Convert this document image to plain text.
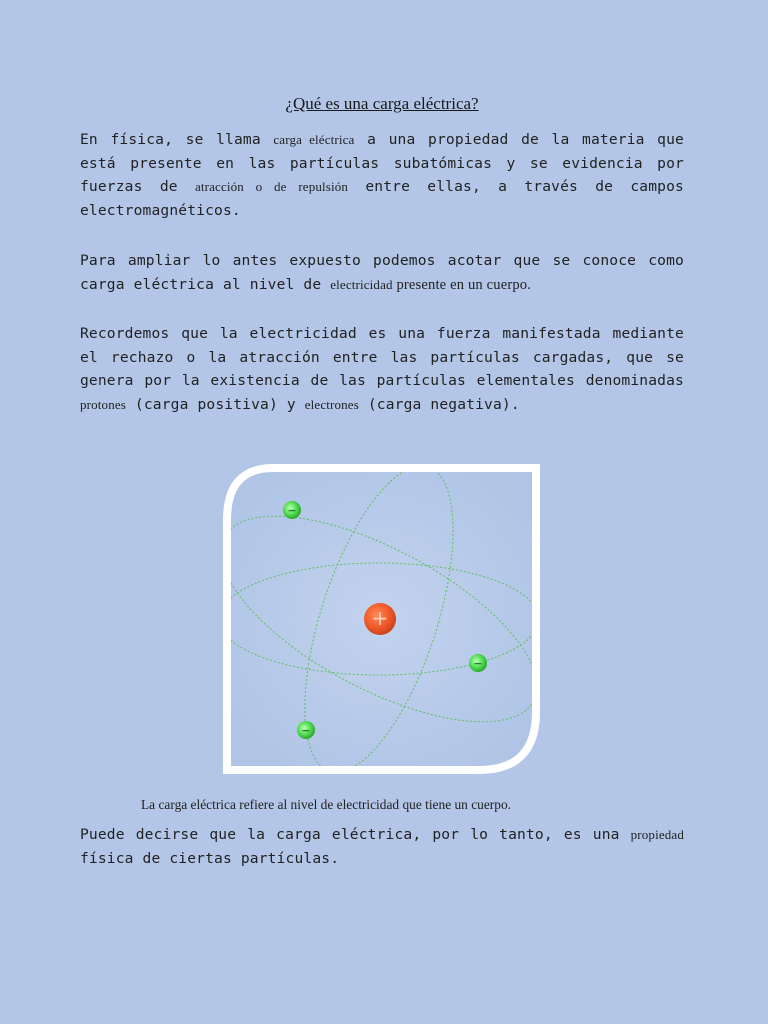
¿Qué es una carga eléctrica?
En física, se llama carga eléctrica a una propiedad de la materia que está presente en las partículas subatómicas y se evidencia por fuerzas de atracción o de repulsión entre ellas, a través de campos electromagnéticos.
Para ampliar lo antes expuesto podemos acotar que se conoce como carga eléctrica al nivel de electricidad presente en un cuerpo.
Recordemos que la electricidad es una fuerza manifestada mediante el rechazo o la atracción entre las partículas cargadas, que se genera por la existencia de las partículas elementales denominadas protones (carga positiva) y electrones (carga negativa).
Puede decirse que la carga eléctrica, por lo tanto, es una propiedad física de ciertas partículas.
+
−
−
−
La carga eléctrica refiere al nivel de electricidad que tiene un cuerpo.
